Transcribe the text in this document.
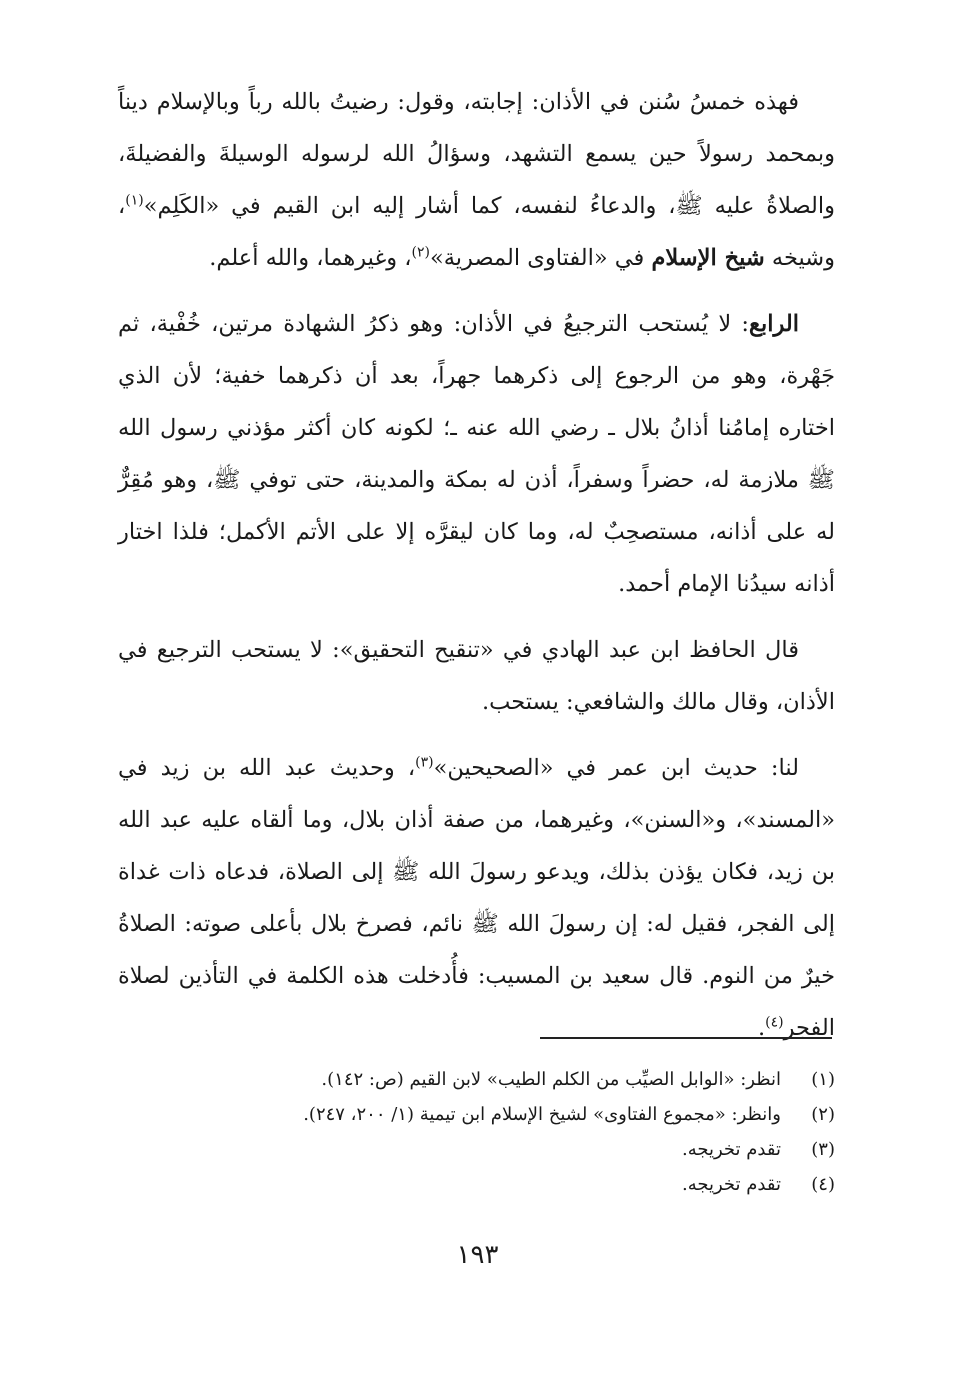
فهذه خمسُ سُنن في الأذان: إجابته، وقول: رضيتُ بالله رباً وبالإسلام ديناً وبمحمد رسولاً حين يسمع التشهد، وسؤالُ الله لرسوله الوسيلةَ والفضيلةَ، والصلاةُ عليه ﷺ، والدعاءُ لنفسه، كما أشار إليه ابن القيم في «الكَلِم»$^{(١)}$، وشيخه شيخ الإسلام في «الفتاوى المصرية»$^{(٢)}$، وغيرهما، والله أعلم.

الرابع: لا يُستحب الترجيعُ في الأذان: وهو ذكرُ الشهادة مرتين، خُفْية، ثم جَهْرة، وهو من الرجوع إلى ذكرهما جهراً، بعد أن ذكرهما خفية؛ لأن الذي اختاره إمامُنا أذانُ بلال ـ رضي الله عنه ـ؛ لكونه كان أكثر مؤذني رسول الله ﷺ ملازمة له، حضراً وسفراً، أذن له بمكة والمدينة، حتى توفي ﷺ، وهو مُقِرٌّ له على أذانه، مستصحِبٌ له، وما كان ليقرَّه إلا على الأتم الأكمل؛ فلذا اختار أذانه سيدُنا الإمام أحمد.

قال الحافظ ابن عبد الهادي في «تنقيح التحقيق»: لا يستحب الترجيع في الأذان، وقال مالك والشافعي: يستحب.

لنا: حديث ابن عمر في «الصحيحين»$^{(٣)}$، وحديث عبد الله بن زيد في «المسند»، و«السنن»، وغيرهما، من صفة أذان بلال، وما ألقاه عليه عبد الله بن زيد، فكان يؤذن بذلك، ويدعو رسولَ الله ﷺ إلى الصلاة، فدعاه ذات غداة إلى الفجر، فقيل له: إن رسولَ الله ﷺ نائم، فصرخ بلال بأعلى صوته: الصلاةُ خيرٌ من النوم. قال سعيد بن المسيب: فأُدخلت هذه الكلمة في التأذين لصلاة الفجر$^{(٤)}$.

(١)
انظر: «الوابل الصيِّب من الكلم الطيب» لابن القيم (ص: ١٤٢).
(٢)
وانظر: «مجموع الفتاوى» لشيخ الإسلام ابن تيمية (١/ ٢٠٠، ٢٤٧).
(٣)
تقدم تخريجه.
(٤)
تقدم تخريجه.
١٩٣
